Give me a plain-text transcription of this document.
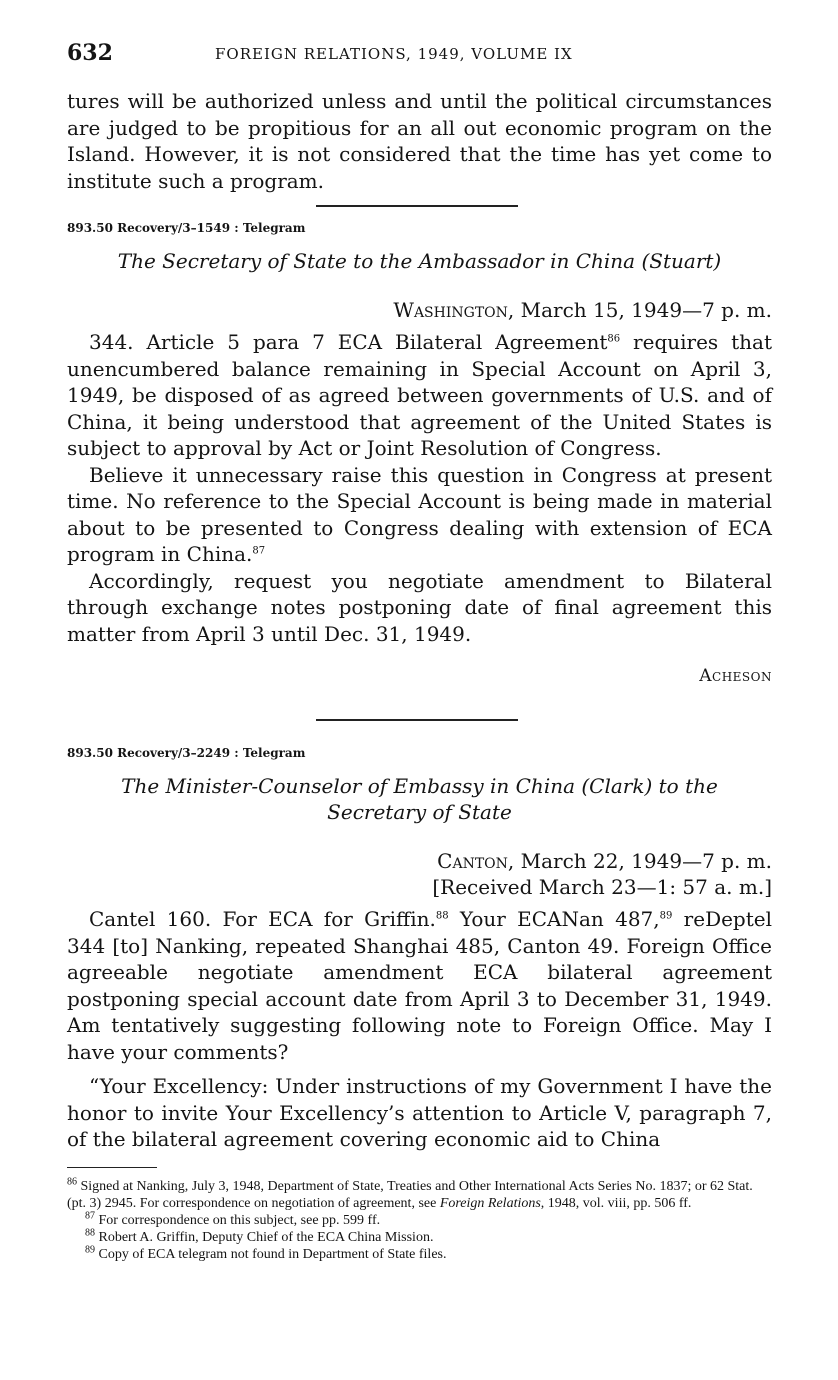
632	FOREIGN RELATIONS, 1949, VOLUME IX

tures will be authorized unless and until the political circumstances are judged to be propitious for an all out economic program on the Island. However, it is not considered that the time has yet come to institute such a program.

893.50 Recovery/3–1549 : Telegram
The Secretary of State to the Ambassador in China (Stuart)
Washington, March 15, 1949—7 p. m.

344. Article 5 para 7 ECA Bilateral Agreement$^{86}$ requires that unencumbered balance remaining in Special Account on April 3, 1949, be disposed of as agreed between governments of U.S. and of China, it being understood that agreement of the United States is subject to approval by Act or Joint Resolution of Congress.

Believe it unnecessary raise this question in Congress at present time. No reference to the Special Account is being made in material about to be presented to Congress dealing with extension of ECA program in China.$^{87}$

Accordingly, request you negotiate amendment to Bilateral through exchange notes postponing date of final agreement this matter from April 3 until Dec. 31, 1949.

Acheson
893.50 Recovery/3–2249 : Telegram
The Minister-Counselor of Embassy in China (Clark) to the
Secretary of State
Canton, March 22, 1949—7 p. m.
[Received March 23—1: 57 a. m.]

Cantel 160. For ECA for Griffin.$^{88}$ Your ECANan 487,89 reDeptel 344 [to] Nanking, repeated Shanghai 485, Canton 49. Foreign Office agreeable negotiate amendment ECA bilateral agreement postponing special account date from April 3 to December 31, 1949. Am tentatively suggesting following note to Foreign Office. May I have your comments?

“Your Excellency: Under instructions of my Government I have the honor to invite Your Excellency’s attention to Article V, paragraph 7, of the bilateral agreement covering economic aid to China

$^{86}$ Signed at Nanking, July 3, 1948, Department of State, Treaties and Other International Acts Series No. 1837; or 62 Stat. (pt. 3) 2945. For correspondence on negotiation of agreement, see Foreign Relations, 1948, vol. viii, pp. 506 ff.

$^{87}$ For correspondence on this subject, see pp. 599 ff.

$^{88}$ Robert A. Griffin, Deputy Chief of the ECA China Mission.

$^{89}$ Copy of ECA telegram not found in Department of State files.
